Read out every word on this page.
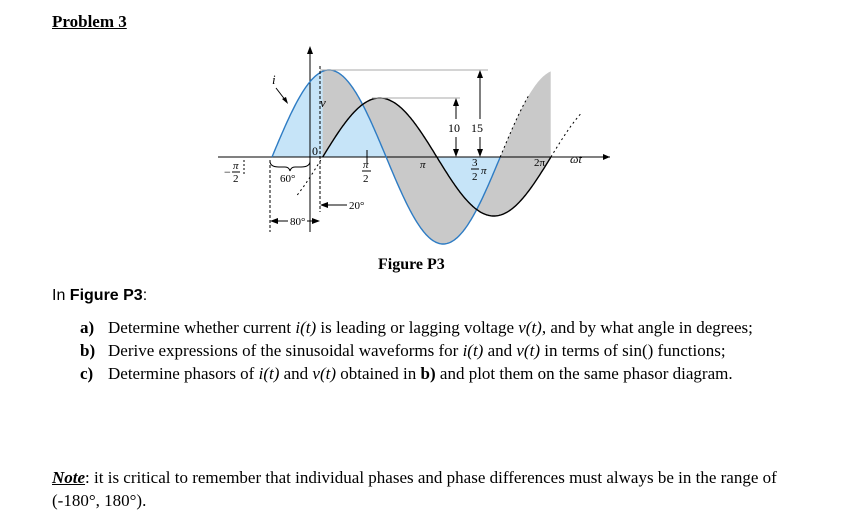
Problem 3
10 15
i
v
0
ωt
− π
2
π
2
π	3
2 π
2π
60°
20°
80°
Figure P3
In Figure P3:
a) Determine whether current i(t) is leading or lagging voltage v(t), and by what angle in degrees;
b) Derive expressions of the sinusoidal waveforms for i(t) and v(t) in terms of sin() functions;
c) Determine phasors of i(t) and v(t) obtained in b) and plot them on the same phasor diagram.
Note: it is critical to remember that individual phases and phase differences must always be in the range of (-180°, 180°).
